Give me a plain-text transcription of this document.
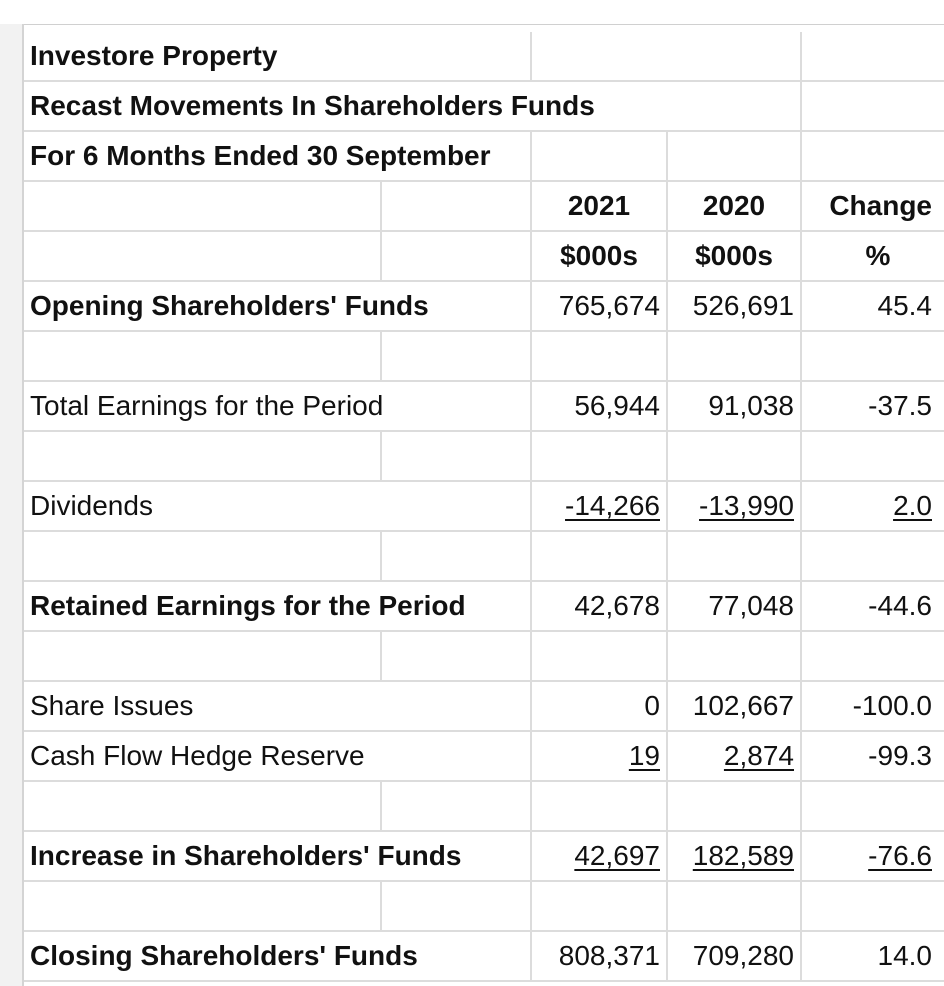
Investore Property
Recast Movements In Shareholders Funds
For 6 Months Ended 30 September
2021	2020	Change
$000s	$000s	%
Opening Shareholders' Funds	765,674	526,691	45.4
Total Earnings for the Period	56,944	91,038	-37.5
Dividends	-14,266	-13,990	2.0
Retained Earnings for the Period	42,678	77,048	-44.6
Share Issues	0	102,667	-100.0
Cash Flow Hedge Reserve	19	2,874	-99.3
Increase in Shareholders' Funds	42,697	182,589	-76.6
Closing Shareholders' Funds	808,371	709,280	14.0
